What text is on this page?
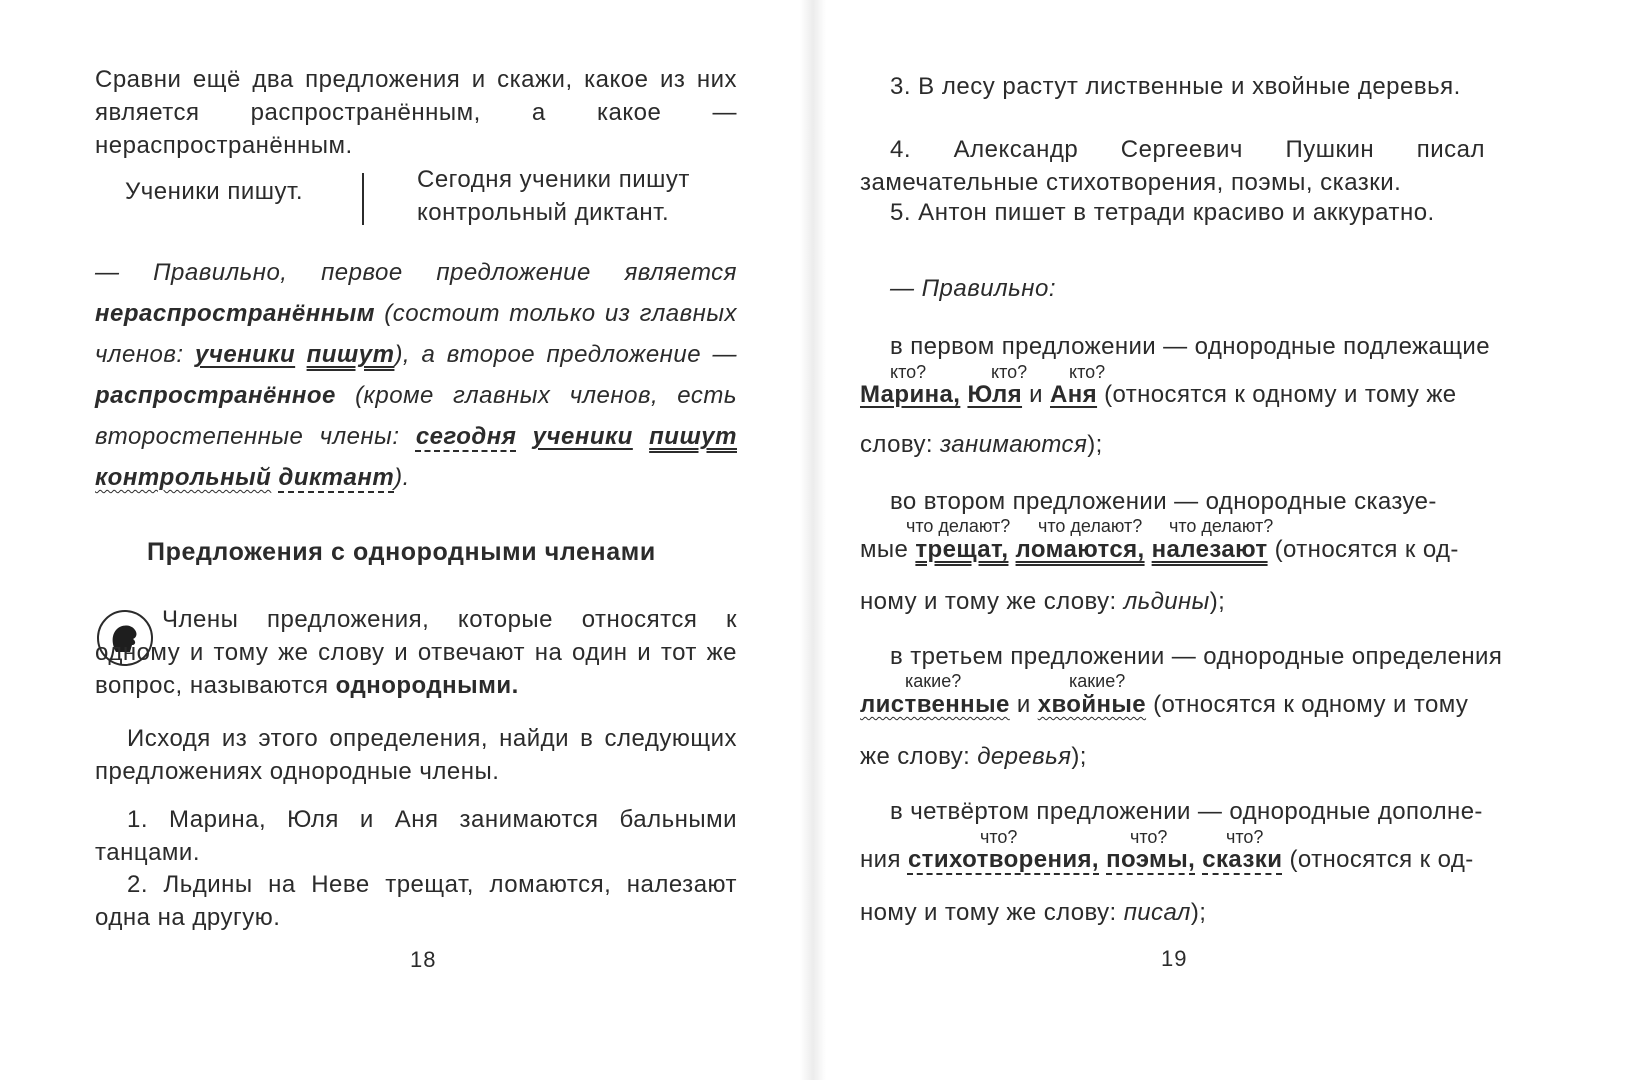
Сравни ещё два предложения и скажи, какое из них является распространённым, а какое — нераспространённым.

Ученики пишут.	Сегодня ученики пишут контрольный диктант.

— Правильно, первое предложение является нераспространённым (состоит только из главных членов: ученики пишут), а второе предложение — распространённое (кроме главных членов, есть второстепенные члены: сегодня ученики пишут контрольный диктант).

Предложения с однородными членами

Члены предложения, которые относятся к одному и тому же слову и отвечают на один и тот же вопрос, называются однородными.

Исходя из этого определения, найди в следующих предложениях однородные члены.

1. Марина, Юля и Аня занимаются бальными танцами.

2. Льдины на Неве трещат, ломаются, налезают одна на другую.

18

3. В лесу растут лиственные и хвойные деревья.

4. Александр Сергеевич Пушкин писал замечательные стихотворения, поэмы, сказки.

5. Антон пишет в тетради красиво и аккуратно.

— Правильно:
в первом предложении — однородные подлежащие
кто?	кто? кто?
Марина, Юля и Аня (относятся к одному и тому же
слову: занимаются);
во втором предложении — однородные сказуе-
что делают? что делают? что делают?
мые трещат, ломаются, налезают (относятся к од-
ному и тому же слову: льдины);
в третьем предложении — однородные определения
какие?	какие?
лиственные и хвойные (относятся к одному и тому
же слову: деревья);
в четвёртом предложении — однородные дополне-
что?	что?	что?
ния стихотворения, поэмы, сказки (относятся к од-
ному и тому же слову: писал);
19
